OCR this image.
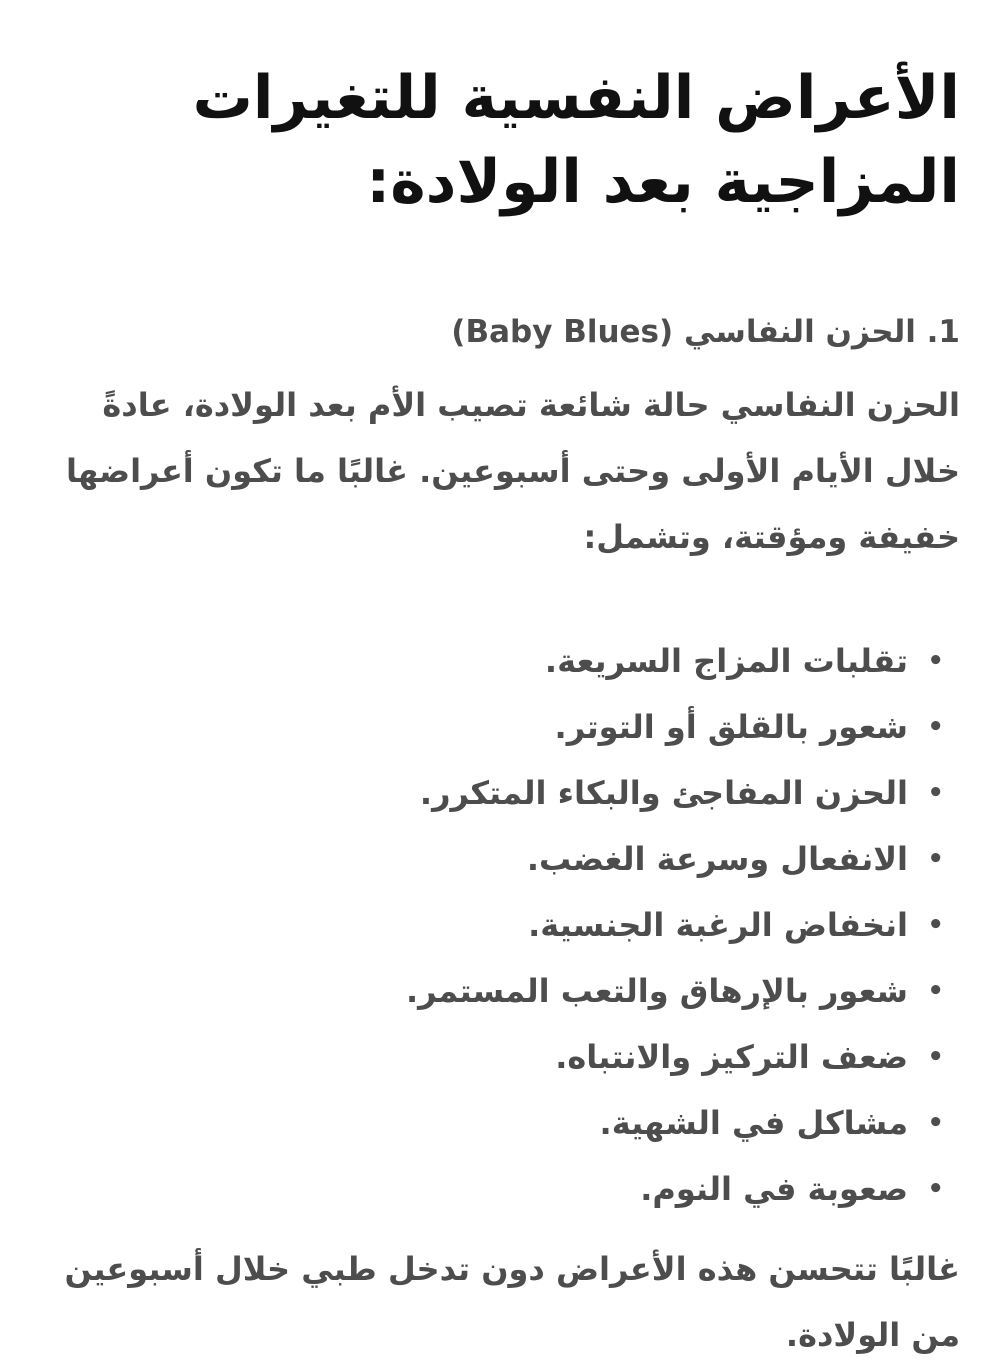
الأعراض النفسية للتغيرات المزاجية بعد الولادة:
1. الحزن النفاسي (Baby Blues)

الحزن النفاسي حالة شائعة تصيب الأم بعد الولادة، عادةً خلال الأيام الأولى وحتى أسبوعين. غالبًا ما تكون أعراضها خفيفة ومؤقتة، وتشمل:

•
تقلبات المزاج السريعة.
•
شعور بالقلق أو التوتر.
•
الحزن المفاجئ والبكاء المتكرر.
•
الانفعال وسرعة الغضب.
•
انخفاض الرغبة الجنسية.
•
شعور بالإرهاق والتعب المستمر.
•
ضعف التركيز والانتباه.
•
مشاكل في الشهية.
•
صعوبة في النوم.

غالبًا تتحسن هذه الأعراض دون تدخل طبي خلال أسبوعين من الولادة.
